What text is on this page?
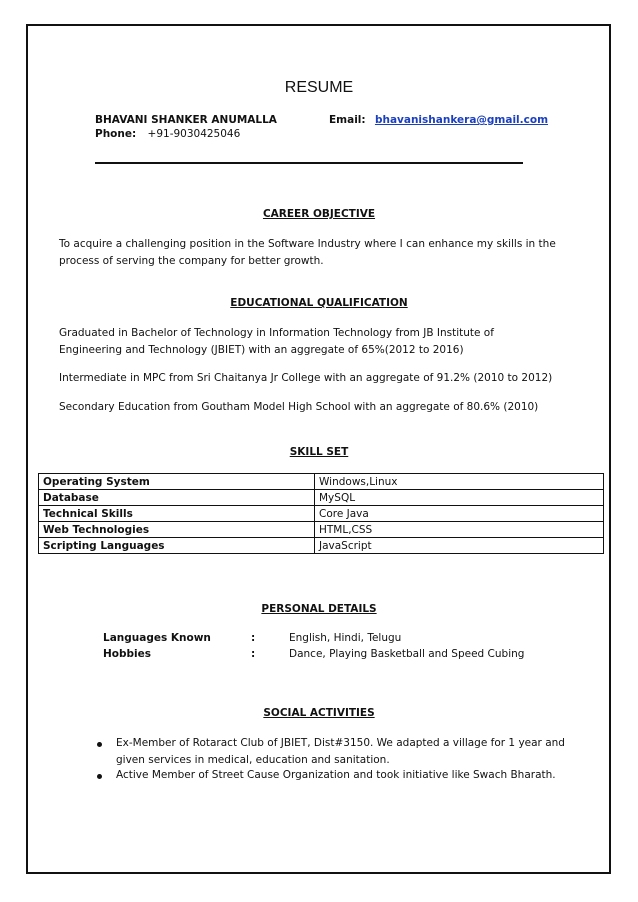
RESUME
BHAVANI SHANKER ANUMALLA	Email: bhavanishankera@gmail.com
Phone: +91-9030425046
CAREER OBJECTIVE
To acquire a challenging position in the Software Industry where I can enhance my skills in the process of serving the company for better growth.
EDUCATIONAL QUALIFICATION
Graduated in Bachelor of Technology in Information Technology from JB Institute of Engineering and Technology (JBIET) with an aggregate of 65%(2012 to 2016)
Intermediate in MPC from Sri Chaitanya Jr College with an aggregate of 91.2% (2010 to 2012)
Secondary Education from Goutham Model High School with an aggregate of 80.6% (2010)
SKILL SET
Operating System	Windows,Linux
Database	MySQL
Technical Skills	Core Java
Web Technologies	HTML,CSS
Scripting Languages	JavaScript
PERSONAL DETAILS
Languages Known	:	English, Hindi, Telugu
Hobbies	:	Dance, Playing Basketball and Speed Cubing
SOCIAL ACTIVITIES
Ex-Member of Rotaract Club of JBIET, Dist#3150. We adapted a village for 1 year and given services in medical, education and sanitation.
Active Member of Street Cause Organization and took initiative like Swach Bharath.
